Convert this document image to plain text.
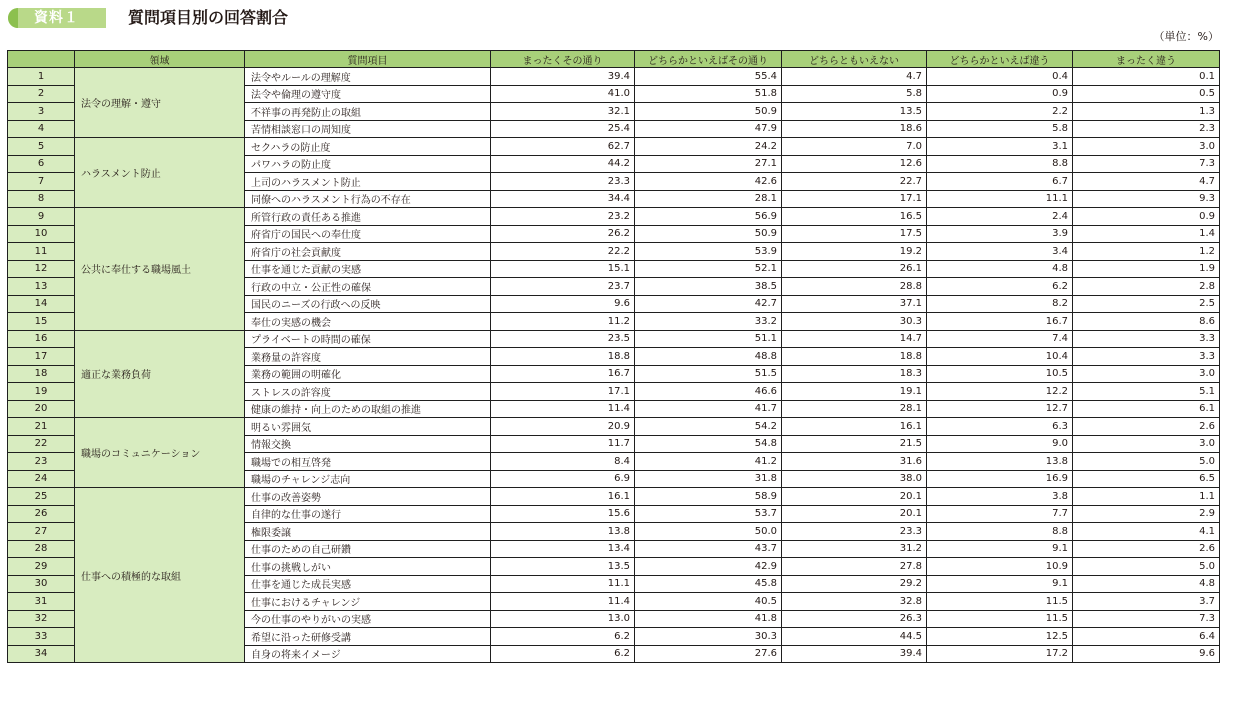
資料１	質問項目別の回答割合
（単位：%）
	領域	質問項目	まったくその通り	どちらかといえばその通り	どちらともいえない	どちらかといえば違う	まったく違う
1	法令の理解・遵守	法令やルールの理解度	39.4	55.4	4.7	0.4	0.1
2		法令や倫理の遵守度	41.0	51.8	5.8	0.9	0.5
3		不祥事の再発防止の取組	32.1	50.9	13.5	2.2	1.3
4		苦情相談窓口の周知度	25.4	47.9	18.6	5.8	2.3
5	ハラスメント防止	セクハラの防止度	62.7	24.2	7.0	3.1	3.0
6		パワハラの防止度	44.2	27.1	12.6	8.8	7.3
7		上司のハラスメント防止	23.3	42.6	22.7	6.7	4.7
8		同僚へのハラスメント行為の不存在	34.4	28.1	17.1	11.1	9.3
9	公共に奉仕する職場風土	所管行政の責任ある推進	23.2	56.9	16.5	2.4	0.9
10		府省庁の国民への奉仕度	26.2	50.9	17.5	3.9	1.4
11		府省庁の社会貢献度	22.2	53.9	19.2	3.4	1.2
12		仕事を通じた貢献の実感	15.1	52.1	26.1	4.8	1.9
13		行政の中立・公正性の確保	23.7	38.5	28.8	6.2	2.8
14		国民のニーズの行政への反映	9.6	42.7	37.1	8.2	2.5
15		奉仕の実感の機会	11.2	33.2	30.3	16.7	8.6
16	適正な業務負荷	プライベートの時間の確保	23.5	51.1	14.7	7.4	3.3
17		業務量の許容度	18.8	48.8	18.8	10.4	3.3
18		業務の範囲の明確化	16.7	51.5	18.3	10.5	3.0
19		ストレスの許容度	17.1	46.6	19.1	12.2	5.1
20		健康の維持・向上のための取組の推進	11.4	41.7	28.1	12.7	6.1
21	職場のコミュニケーション	明るい雰囲気	20.9	54.2	16.1	6.3	2.6
22		情報交換	11.7	54.8	21.5	9.0	3.0
23		職場での相互啓発	8.4	41.2	31.6	13.8	5.0
24		職場のチャレンジ志向	6.9	31.8	38.0	16.9	6.5
25	仕事への積極的な取組	仕事の改善姿勢	16.1	58.9	20.1	3.8	1.1
26		自律的な仕事の遂行	15.6	53.7	20.1	7.7	2.9
27		権限委譲	13.8	50.0	23.3	8.8	4.1
28		仕事のための自己研鑽	13.4	43.7	31.2	9.1	2.6
29		仕事の挑戦しがい	13.5	42.9	27.8	10.9	5.0
30		仕事を通じた成長実感	11.1	45.8	29.2	9.1	4.8
31		仕事におけるチャレンジ	11.4	40.5	32.8	11.5	3.7
32		今の仕事のやりがいの実感	13.0	41.8	26.3	11.5	7.3
33		希望に沿った研修受講	6.2	30.3	44.5	12.5	6.4
34		自身の将来イメージ	6.2	27.6	39.4	17.2	9.6
